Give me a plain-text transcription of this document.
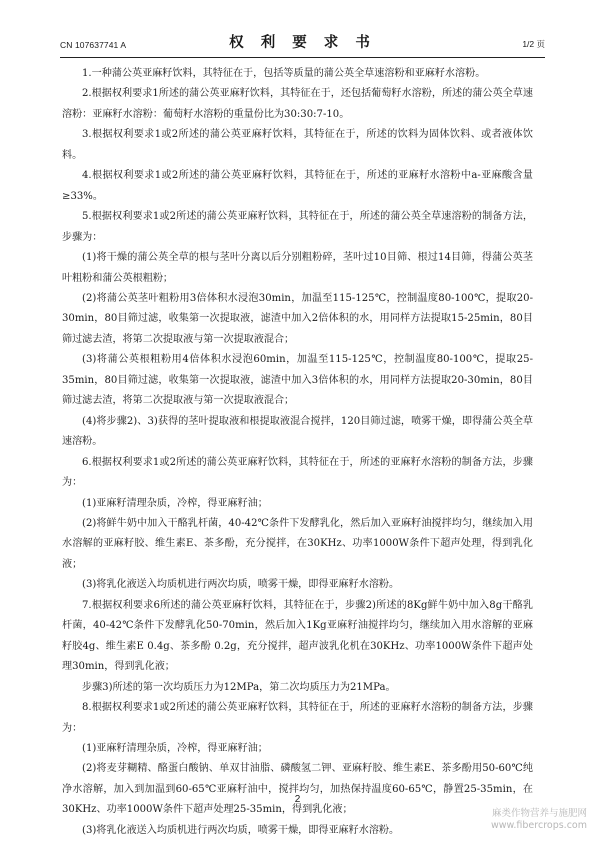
CN 107637741 A	权 利 要 求 书	1/2 页

1.一种蒲公英亚麻籽饮料，其特征在于，包括等质量的蒲公英全草速溶粉和亚麻籽水溶粉。

2.根据权利要求1所述的蒲公英亚麻籽饮料，其特征在于，还包括葡萄籽水溶粉，所述的蒲公英全草速溶粉：亚麻籽水溶粉：葡萄籽水溶粉的重量份比为30:30:7-10。

3.根据权利要求1或2所述的蒲公英亚麻籽饮料，其特征在于，所述的饮料为固体饮料、或者液体饮料。

4.根据权利要求1或2所述的蒲公英亚麻籽饮料，其特征在于，所述的亚麻籽水溶粉中a-亚麻酸含量≥33%。

5.根据权利要求1或2所述的蒲公英亚麻籽饮料，其特征在于，所述的蒲公英全草速溶粉的制备方法，步骤为：

(1)将干燥的蒲公英全草的根与茎叶分离以后分别粗粉碎，茎叶过10目筛、根过14目筛，得蒲公英茎叶粗粉和蒲公英根粗粉；

(2)将蒲公英茎叶粗粉用3倍体积水浸泡30min，加温至115-125℃，控制温度80-100℃，提取20-30min，80目筛过滤，收集第一次提取液，滤渣中加入2倍体积的水，用同样方法提取15-25min，80目筛过滤去渣，将第二次提取液与第一次提取液混合；

(3)将蒲公英根粗粉用4倍体积水浸泡60min，加温至115-125℃，控制温度80-100℃，提取25-35min，80目筛过滤，收集第一次提取液，滤渣中加入3倍体积的水，用同样方法提取20-30min，80目筛过滤去渣，将第二次提取液与第一次提取液混合；

(4)将步骤2)、3)获得的茎叶提取液和根提取液混合搅拌，120目筛过滤，喷雾干燥，即得蒲公英全草速溶粉。

6.根据权利要求1或2所述的蒲公英亚麻籽饮料，其特征在于，所述的亚麻籽水溶粉的制备方法，步骤为：

(1)亚麻籽清理杂质，冷榨，得亚麻籽油；

(2)将鲜牛奶中加入干酪乳杆菌，40-42℃条件下发酵乳化，然后加入亚麻籽油搅拌均匀，继续加入用水溶解的亚麻籽胶、维生素E、茶多酚，充分搅拌，在30KHz、功率1000W条件下超声处理，得到乳化液；

(3)将乳化液送入均质机进行两次均质，喷雾干燥，即得亚麻籽水溶粉。

7.根据权利要求6所述的蒲公英亚麻籽饮料，其特征在于，步骤2)所述的8Kg鲜牛奶中加入8g干酪乳杆菌，40-42℃条件下发酵乳化50-70min，然后加入1Kg亚麻籽油搅拌均匀，继续加入用水溶解的亚麻籽胶4g、维生素E 0.4g、茶多酚 0.2g，充分搅拌，超声波乳化机在30KHz、功率1000W条件下超声处理30min，得到乳化液；

步骤3)所述的第一次均质压力为12MPa，第二次均质压力为21MPa。

8.根据权利要求1或2所述的蒲公英亚麻籽饮料，其特征在于，所述的亚麻籽水溶粉的制备方法，步骤为：

(1)亚麻籽清理杂质，冷榨，得亚麻籽油；

(2)将麦芽糊精、酪蛋白酸钠、单双甘油脂、磷酸氢二钾、亚麻籽胶、维生素E、茶多酚用50-60℃纯净水溶解，加入到加温到60-65℃亚麻籽油中，搅拌均匀，加热保持温度60-65℃，静置25-35min，在30KHz、功率1000W条件下超声处理25-35min，得到乳化液；

(3)将乳化液送入均质机进行两次均质，喷雾干燥，即得亚麻籽水溶粉。

2
麻类作物营养与施肥网
www.fibercrops.com
